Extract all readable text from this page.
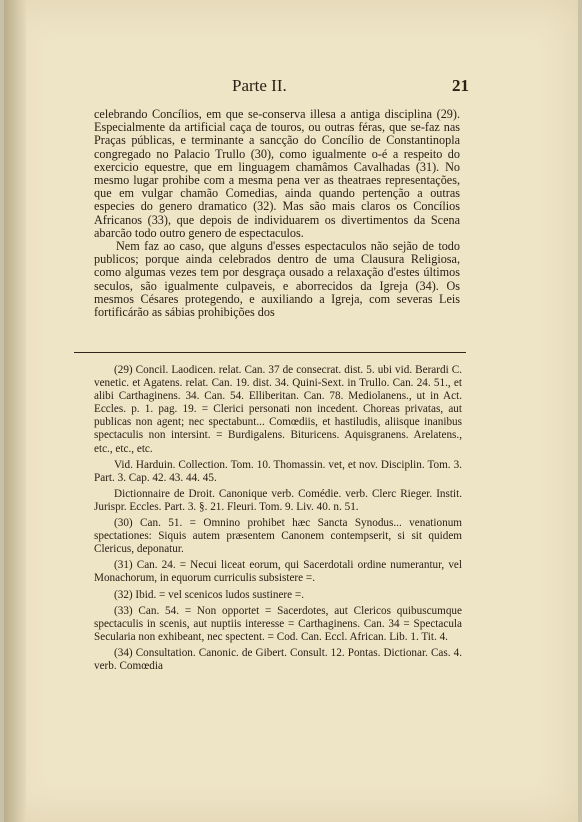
Parte II.	21

celebrando Concílios, em que se-conserva illesa a antiga disciplina (29). Especialmente da artificial caça de touros, ou outras féras, que se-faz nas Praças públicas, e terminante a sancção do Concílio de Constantinopla congregado no Palacio Trullo (30), como igualmente o-é a respeito do exercicio equestre, que em linguagem chamâmos Cavalhadas (31). No mesmo lugar prohibe com a mesma pena ver as theatraes representações, que em vulgar chamão Comedias, ainda quando pertenção a outras especies do genero dramatico (32). Mas são mais claros os Concílios Africanos (33), que depois de individuarem os divertimentos da Scena abarcão todo outro genero de espectaculos.

Nem faz ao caso, que alguns d'esses espectaculos não sejão de todo publicos; porque ainda celebrados dentro de uma Clausura Religiosa, como algumas vezes tem por desgraça ousado a relaxação d'estes últimos seculos, são igualmente culpaveis, e aborrecidos da Igreja (34). Os mesmos Césares protegendo, e auxiliando a Igreja, com severas Leis fortificárão as sábias prohibições dos

(29) Concil. Laodicen. relat. Can. 37 de consecrat. dist. 5. ubi vid. Berardi C. venetic. et Agatens. relat. Can. 19. dist. 34. Quini-Sext. in Trullo. Can. 24. 51., et alibi Carthaginens. 34. Can. 54. Elliberitan. Can. 78. Mediolanens., ut in Act. Eccles. p. 1. pag. 19. = Clerici personati non incedent. Choreas privatas, aut publicas non agent; nec spectabunt... Comœdiis, et hastiludis, aliisque inanibus spectaculis non intersint. = Burdigalens. Bituricens. Aquisgranens. Arelatens., etc., etc., etc.

Vid. Harduin. Collection. Tom. 10. Thomassin. vet, et nov. Disciplin. Tom. 3. Part. 3. Cap. 42. 43. 44. 45.

Dictionnaire de Droit. Canonique verb. Comédie. verb. Clerc Rieger. Instit. Jurispr. Eccles. Part. 3. §. 21. Fleuri. Tom. 9. Liv. 40. n. 51.

(30) Can. 51. = Omnino prohibet hæc Sancta Synodus... venationum spectationes: Siquis autem præsentem Canonem contempserit, si sit quidem Clericus, deponatur.

(31) Can. 24. = Necui liceat eorum, qui Sacerdotali ordine numerantur, vel Monachorum, in equorum curriculis subsistere =.

(32) Ibid. = vel scenicos ludos sustinere =.

(33) Can. 54. = Non opportet = Sacerdotes, aut Clericos quibuscumque spectaculis in scenis, aut nuptiis interesse = Carthaginens. Can. 34 = Spectacula Secularia non exhibeant, nec spectent. = Cod. Can. Eccl. African. Lib. 1. Tit. 4.

(34) Consultation. Canonic. de Gibert. Consult. 12. Pontas. Dictionar. Cas. 4. verb. Comœdia
